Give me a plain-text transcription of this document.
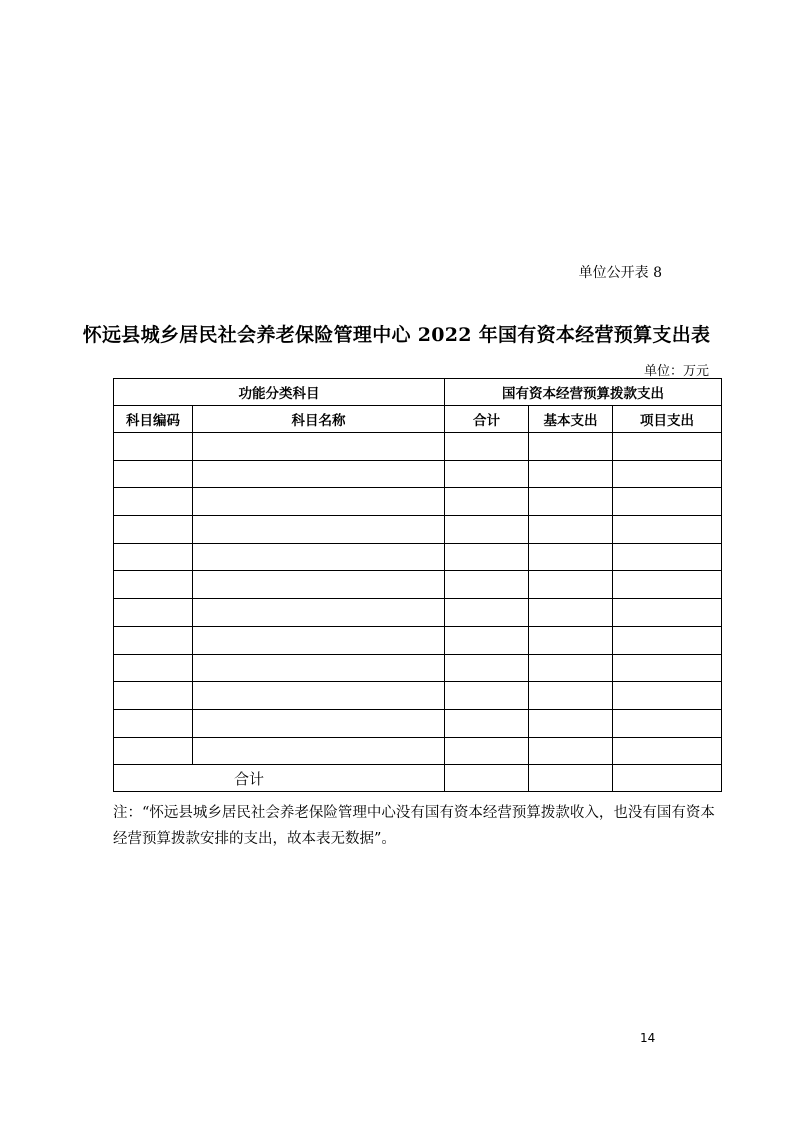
单位公开表 8
怀远县城乡居民社会养老保险管理中心 2022 年国有资本经营预算支出表
单位：万元
功能分类科目		国有资本经营预算拨款支出		
科目编码	科目名称	合计	基本支出	项目支出

合计				
注：“怀远县城乡居民社会养老保险管理中心没有国有资本经营预算拨款收入，也没有国有资本经营预算拨款安排的支出，故本表无数据”。
14
